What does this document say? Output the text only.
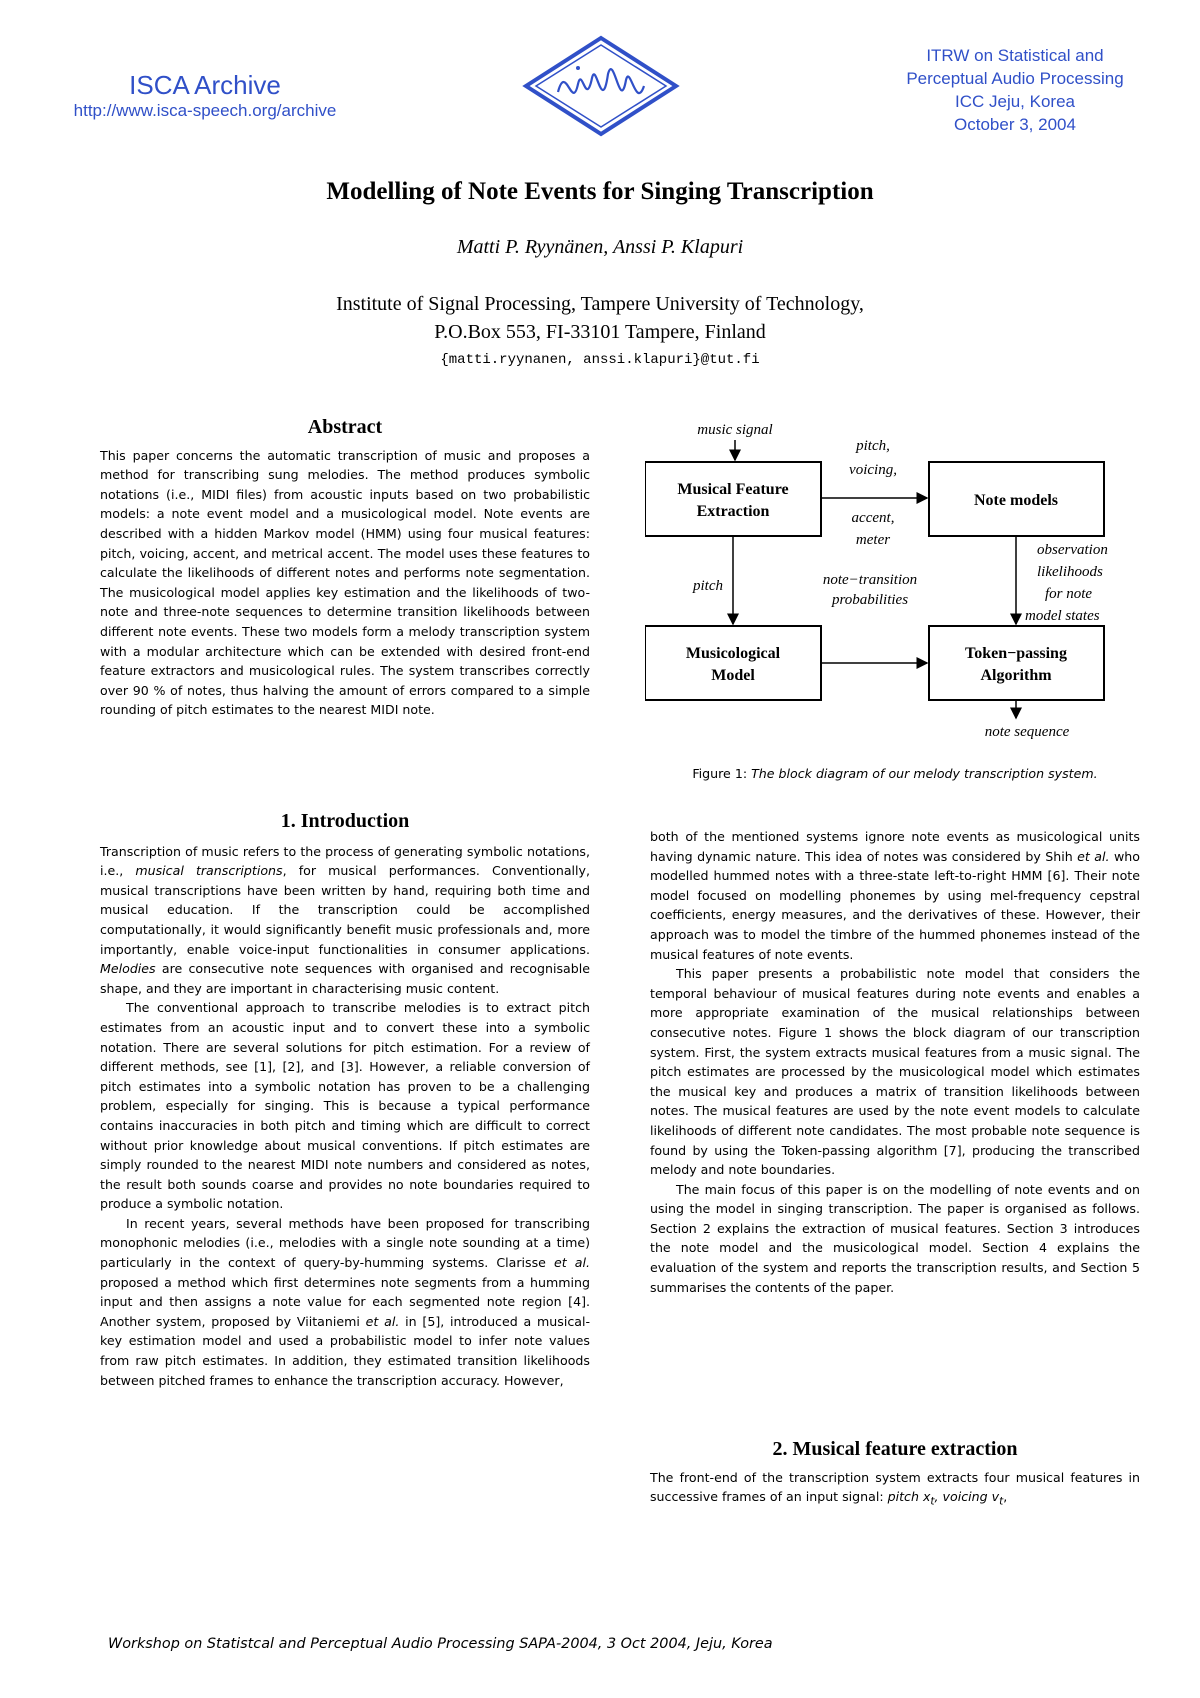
ISCA Archive
http://www.isca-speech.org/archive
ITRW on Statistical and
Perceptual Audio Processing
ICC Jeju, Korea
October 3, 2004
Modelling of Note Events for Singing Transcription
Matti P. Ryynänen, Anssi P. Klapuri
Institute of Signal Processing, Tampere University of Technology,
P.O.Box 553, FI-33101 Tampere, Finland
{matti.ryynanen, anssi.klapuri}@tut.fi
Abstract

This paper concerns the automatic transcription of music and proposes a method for transcribing sung melodies. The method produces symbolic notations (i.e., MIDI files) from acoustic inputs based on two probabilistic models: a note event model and a musicological model. Note events are described with a hidden Markov model (HMM) using four musical features: pitch, voicing, accent, and metrical accent. The model uses these features to calculate the likelihoods of different notes and performs note segmentation. The musicological model applies key estimation and the likelihoods of two-note and three-note sequences to determine transition likelihoods between different note events. These two models form a melody transcription system with a modular architecture which can be extended with desired front-end feature extractors and musicological rules. The system transcribes correctly over 90 % of notes, thus halving the amount of errors compared to a simple rounding of pitch estimates to the nearest MIDI note.

1. Introduction

Transcription of music refers to the process of generating symbolic notations, i.e., musical transcriptions, for musical performances. Conventionally, musical transcriptions have been written by hand, requiring both time and musical education. If the transcription could be accomplished computationally, it would significantly benefit music professionals and, more importantly, enable voice-input functionalities in consumer applications. Melodies are consecutive note sequences with organised and recognisable shape, and they are important in characterising music content.

The conventional approach to transcribe melodies is to extract pitch estimates from an acoustic input and to convert these into a symbolic notation. There are several solutions for pitch estimation. For a review of different methods, see [1], [2], and [3]. However, a reliable conversion of pitch estimates into a symbolic notation has proven to be a challenging problem, especially for singing. This is because a typical performance contains inaccuracies in both pitch and timing which are difficult to correct without prior knowledge about musical conventions. If pitch estimates are simply rounded to the nearest MIDI note numbers and considered as notes, the result both sounds coarse and provides no note boundaries required to produce a symbolic notation.

In recent years, several methods have been proposed for transcribing monophonic melodies (i.e., melodies with a single note sounding at a time) particularly in the context of query-by-humming systems. Clarisse et al. proposed a method which first determines note segments from a humming input and then assigns a note value for each segmented note region [4]. Another system, proposed by Viitaniemi et al. in [5], introduced a musical-key estimation model and used a probabilistic model to infer note values from raw pitch estimates. In addition, they estimated transition likelihoods between pitched frames to enhance the transcription accuracy. However,

music signal
Musical Feature
Extraction
Note models
pitch,
voicing,
accent,
meter
Musicological
Model
Token−passing
Algorithm
pitch	note−transition
probabilities
observation
likelihoods
for note
model states
note sequence
Figure 1: The block diagram of our melody transcription system.

both of the mentioned systems ignore note events as musicological units having dynamic nature. This idea of notes was considered by Shih et al. who modelled hummed notes with a three-state left-to-right HMM [6]. Their note model focused on modelling phonemes by using mel-frequency cepstral coefficients, energy measures, and the derivatives of these. However, their approach was to model the timbre of the hummed phonemes instead of the musical features of note events.

This paper presents a probabilistic note model that considers the temporal behaviour of musical features during note events and enables a more appropriate examination of the musical relationships between consecutive notes. Figure 1 shows the block diagram of our transcription system. First, the system extracts musical features from a music signal. The pitch estimates are processed by the musicological model which estimates the musical key and produces a matrix of transition likelihoods between notes. The musical features are used by the note event models to calculate likelihoods of different note candidates. The most probable note sequence is found by using the Token-passing algorithm [7], producing the transcribed melody and note boundaries.

The main focus of this paper is on the modelling of note events and on using the model in singing transcription. The paper is organised as follows. Section 2 explains the extraction of musical features. Section 3 introduces the note model and the musicological model. Section 4 explains the evaluation of the system and reports the transcription results, and Section 5 summarises the contents of the paper.

2. Musical feature extraction

The front-end of the transcription system extracts four musical features in successive frames of an input signal: pitch $x_t$, voicing $v_t$,

Workshop on Statistcal and Perceptual Audio Processing SAPA-2004, 3 Oct 2004, Jeju, Korea
